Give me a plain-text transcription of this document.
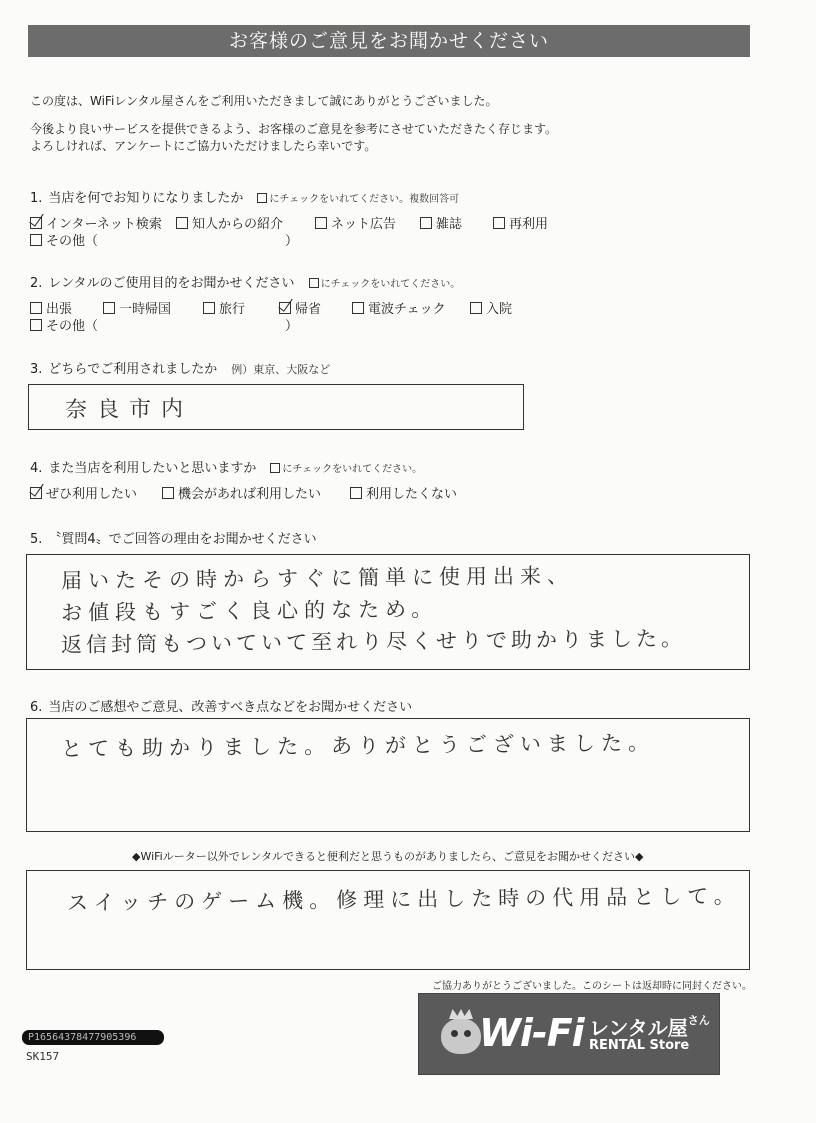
お客様のご意見をお聞かせください
この度は、WiFiレンタル屋さんをご利用いただきまして誠にありがとうございました。
今後より良いサービスを提供できるよう、お客様のご意見を参考にさせていただきたく存じます。
よろしければ、アンケートにご協力いただけましたら幸いです。
1. 当店を何でお知りになりましたか	にチェックをいれてください。複数回答可
インターネット検索	知人からの紹介	ネット広告	雑誌	再利用
その他（	）
2. レンタルのご使用目的をお聞かせください	にチェックをいれてください。
出張	一時帰国	旅行	帰省	電波チェック	入院
その他（	）
3. どちらでご利用されましたか 例）東京、大阪など
奈良市内
4. また当店を利用したいと思いますか	にチェックをいれてください。
ぜひ利用したい	機会があれば利用したい	利用したくない
5. 〝質問4〟でご回答の理由をお聞かせください
届いたその時からすぐに簡単に使用出来、
お値段もすごく良心的なため。
返信封筒もついていて至れり尽くせりで助かりました。
6. 当店のご感想やご意見、改善すべき点などをお聞かせください
とても助かりました。ありがとうございました。
◆WiFiルーター以外でレンタルできると便利だと思うものがありましたら、ご意見をお聞かせください◆
スイッチのゲーム機。修理に出した時の代用品として。
ご協力ありがとうございました。このシートは返却時に同封ください。
Wi-Fi レンタル屋$^{さん}$
RENTAL Store
P16564378477905396
SK157
